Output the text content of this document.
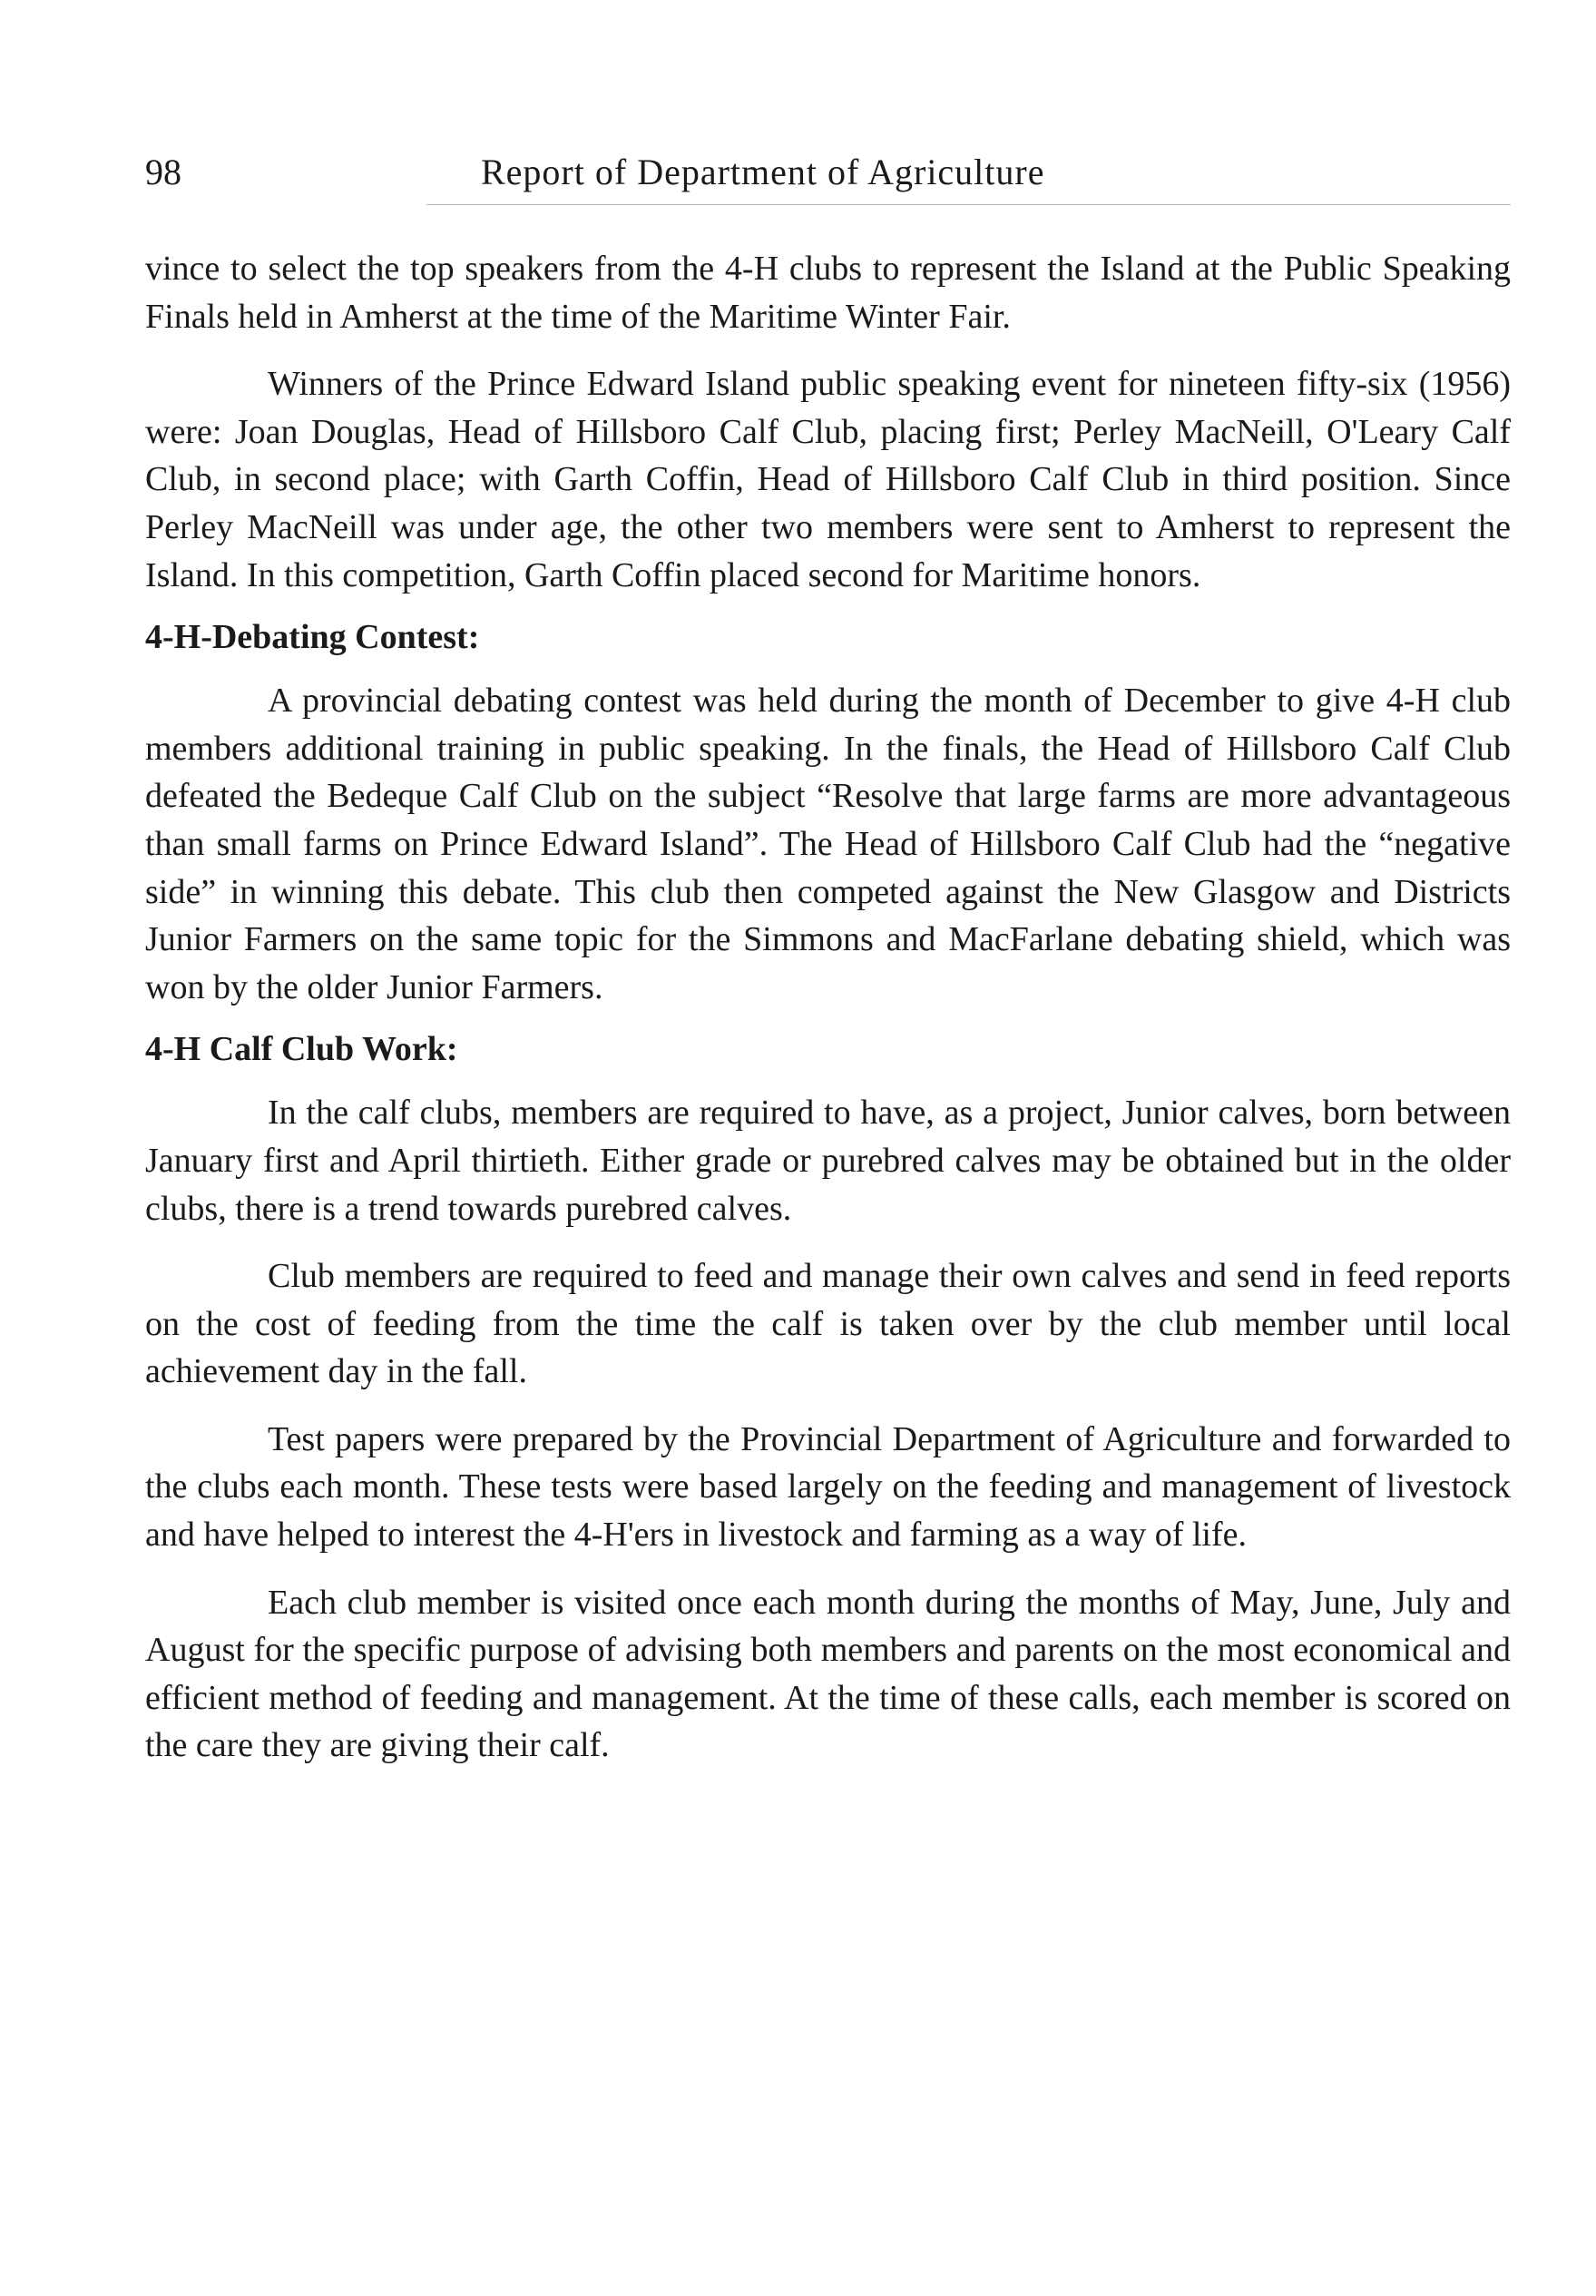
98	Report of Department of Agriculture

vince to select the top speakers from the 4-H clubs to represent the Island at the Public Speaking Finals held in Amherst at the time of the Maritime Winter Fair.

Winners of the Prince Edward Island public speaking event for nineteen fifty-six (1956) were: Joan Douglas, Head of Hillsboro Calf Club, placing first; Perley MacNeill, O'Leary Calf Club, in second place; with Garth Coffin, Head of Hillsboro Calf Club in third position. Since Perley MacNeill was under age, the other two members were sent to Amherst to represent the Island. In this competition, Garth Coffin placed second for Maritime honors.

4-H-Debating Contest:

A provincial debating contest was held during the month of December to give 4-H club members additional training in public speaking. In the finals, the Head of Hillsboro Calf Club defeated the Bedeque Calf Club on the subject “Resolve that large farms are more advantageous than small farms on Prince Edward Island”. The Head of Hillsboro Calf Club had the “negative side” in winning this debate. This club then competed against the New Glasgow and Districts Junior Farmers on the same topic for the Simmons and MacFarlane debating shield, which was won by the older Junior Farmers.

4-H Calf Club Work:

In the calf clubs, members are required to have, as a project, Junior calves, born between January first and April thirtieth. Either grade or purebred calves may be obtained but in the older clubs, there is a trend towards purebred calves.

Club members are required to feed and manage their own calves and send in feed reports on the cost of feeding from the time the calf is taken over by the club member until local achievement day in the fall.

Test papers were prepared by the Provincial Department of Agriculture and forwarded to the clubs each month. These tests were based largely on the feeding and management of livestock and have helped to interest the 4-H'ers in livestock and farming as a way of life.

Each club member is visited once each month during the months of May, June, July and August for the specific purpose of advising both members and parents on the most economical and efficient method of feeding and management. At the time of these calls, each member is scored on the care they are giving their calf.
